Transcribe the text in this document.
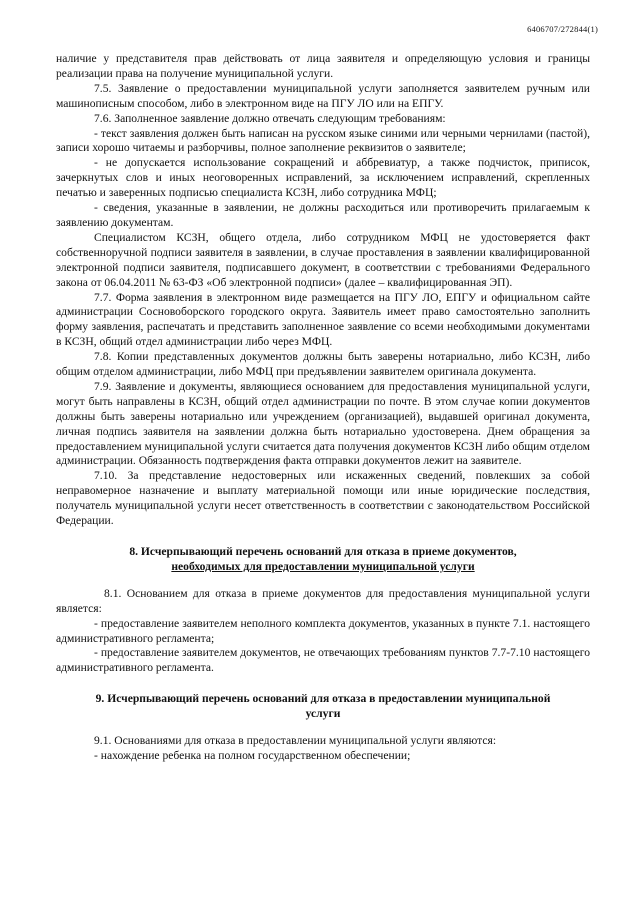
6406707/272844(1)

наличие у представителя прав действовать от лица заявителя и определяющую условия и границы реализации права на получение муниципальной услуги.

7.5. Заявление о предоставлении муниципальной услуги заполняется заявителем ручным или машинописным способом, либо в электронном виде на ПГУ ЛО или на ЕПГУ.

7.6. Заполненное заявление должно отвечать следующим требованиям:

- текст заявления должен быть написан на русском языке синими или черными чернилами (пастой), записи хорошо читаемы и разборчивы, полное заполнение реквизитов о заявителе;

- не допускается использование сокращений и аббревиатур, а также подчисток, приписок, зачеркнутых слов и иных неоговоренных исправлений, за исключением исправлений, скрепленных печатью и заверенных подписью специалиста КСЗН, либо сотрудника МФЦ;

- сведения, указанные в заявлении, не должны расходиться или противоречить прилагаемым к заявлению документам.

Специалистом КСЗН, общего отдела, либо сотрудником МФЦ не удостоверяется факт собственноручной подписи заявителя в заявлении, в случае проставления в заявлении квалифицированной электронной подписи заявителя, подписавшего документ, в соответствии с требованиями Федерального закона от 06.04.2011 № 63-ФЗ «Об электронной подписи» (далее – квалифицированная ЭП).

7.7. Форма заявления в электронном виде размещается на ПГУ ЛО, ЕПГУ и официальном сайте администрации Сосновоборского городского округа. Заявитель имеет право самостоятельно заполнить форму заявления, распечатать и представить заполненное заявление со всеми необходимыми документами в КСЗН, общий отдел администрации либо через МФЦ.

7.8. Копии представленных документов должны быть заверены нотариально, либо КСЗН, либо общим отделом администрации, либо МФЦ при предъявлении заявителем оригинала документа.

7.9. Заявление и документы, являющиеся основанием для предоставления муниципальной услуги, могут быть направлены в КСЗН, общий отдел администрации по почте. В этом случае копии документов должны быть заверены нотариально или учреждением (организацией), выдавшей оригинал документа, личная подпись заявителя на заявлении должна быть нотариально удостоверена. Днем обращения за предоставлением муниципальной услуги считается дата получения документов КСЗН либо общим отделом администрации. Обязанность подтверждения факта отправки документов лежит на заявителе.

7.10. За представление недостоверных или искаженных сведений, повлекших за собой неправомерное назначение и выплату материальной помощи или иные юридические последствия, получатель муниципальной услуги несет ответственность в соответствии с законодательством Российской Федерации.

8. Исчерпывающий перечень оснований для отказа в приеме документов,
необходимых для предоставлении муниципальной услуги

8.1. Основанием для отказа в приеме документов для предоставления муниципальной услуги является:

- предоставление заявителем неполного комплекта документов, указанных в пункте 7.1. настоящего административного регламента;

- предоставление заявителем документов, не отвечающих требованиям пунктов 7.7-7.10 настоящего административного регламента.

9. Исчерпывающий перечень оснований для отказа в предоставлении муниципальной
услуги

9.1. Основаниями для отказа в предоставлении муниципальной услуги являются:

- нахождение ребенка на полном государственном обеспечении;
